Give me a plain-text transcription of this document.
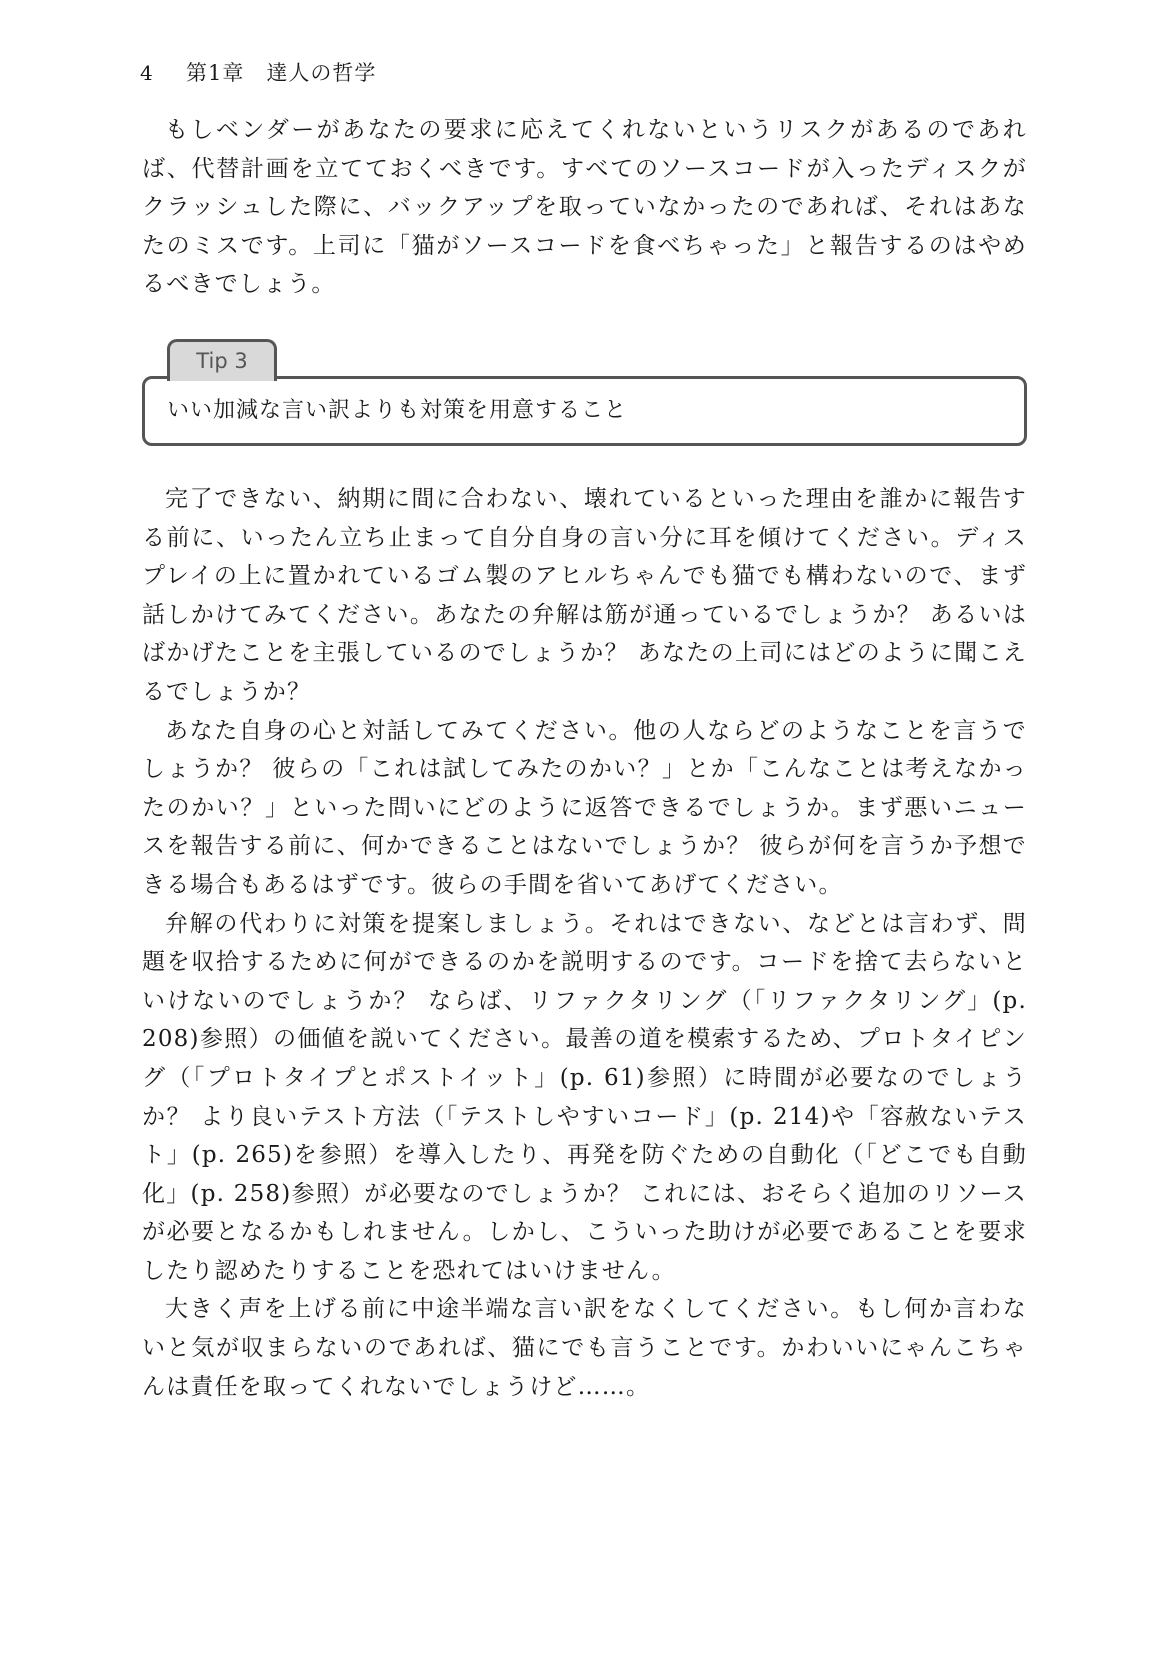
4	第1章　達人の哲学

もしベンダーがあなたの要求に応えてくれないというリスクがあるのであれば、代替計画を立てておくべきです。すべてのソースコードが入ったディスクがクラッシュした際に、バックアップを取っていなかったのであれば、それはあなたのミスです。上司に「猫がソースコードを食べちゃった」と報告するのはやめるべきでしょう。

いい加減な言い訳よりも対策を用意すること
Tip 3

完了できない、納期に間に合わない、壊れているといった理由を誰かに報告する前に、いったん立ち止まって自分自身の言い分に耳を傾けてください。ディスプレイの上に置かれているゴム製のアヒルちゃんでも猫でも構わないので、まず話しかけてみてください。あなたの弁解は筋が通っているでしょうか？ あるいはばかげたことを主張しているのでしょうか？ あなたの上司にはどのように聞こえるでしょうか？

あなた自身の心と対話してみてください。他の人ならどのようなことを言うでしょうか？ 彼らの「これは試してみたのかい？」とか「こんなことは考えなかったのかい？」といった問いにどのように返答できるでしょうか。まず悪いニュースを報告する前に、何かできることはないでしょうか？ 彼らが何を言うか予想できる場合もあるはずです。彼らの手間を省いてあげてください。

弁解の代わりに対策を提案しましょう。それはできない、などとは言わず、問題を収拾するために何ができるのかを説明するのです。コードを捨て去らないといけないのでしょうか？ ならば、リファクタリング（「リファクタリング」(p. 208)参照）の価値を説いてください。最善の道を模索するため、プロトタイピング（「プロトタイプとポストイット」(p. 61)参照）に時間が必要なのでしょうか？ より良いテスト方法（「テストしやすいコード」(p. 214)や「容赦ないテスト」(p. 265)を参照）を導入したり、再発を防ぐための自動化（「どこでも自動化」(p. 258)参照）が必要なのでしょうか？ これには、おそらく追加のリソースが必要となるかもしれません。しかし、こういった助けが必要であることを要求したり認めたりすることを恐れてはいけません。

大きく声を上げる前に中途半端な言い訳をなくしてください。もし何か言わないと気が収まらないのであれば、猫にでも言うことです。かわいいにゃんこちゃんは責任を取ってくれないでしょうけど……。
